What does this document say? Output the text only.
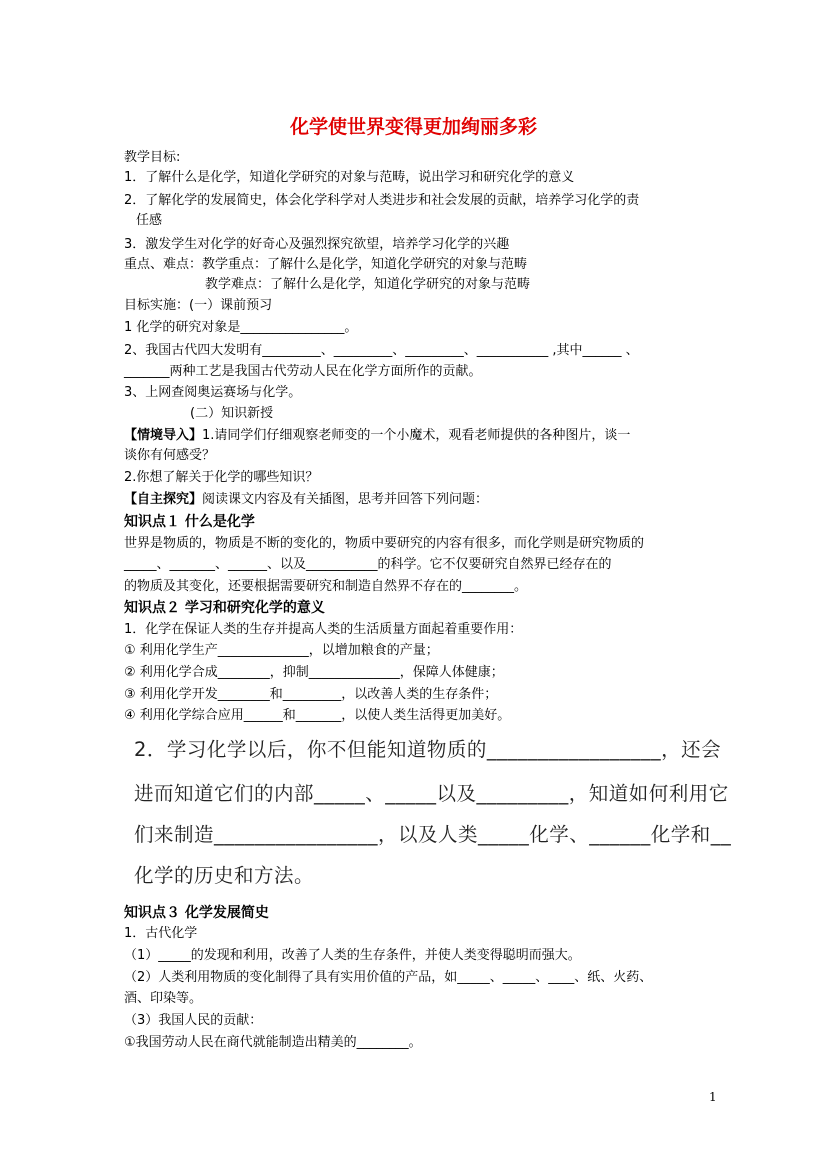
化学使世界变得更加绚丽多彩
教学目标:
1．了解什么是化学，知道化学研究的对象与范畴，说出学习和研究化学的意义
2．了解化学的发展简史，体会化学科学对人类进步和社会发展的贡献，培养学习化学的责
任感
3．激发学生对化学的好奇心及强烈探究欲望，培养学习化学的兴趣
重点、难点：教学重点：了解什么是化学，知道化学研究的对象与范畴
教学难点：了解什么是化学，知道化学研究的对象与范畴
目标实施：(一）课前预习
1 化学的研究对象是________________。
2、我国古代四大发明有_________、_________、_________、___________ ,其中______ 、
_______两种工艺是我国古代劳动人民在化学方面所作的贡献。
3、上网查阅奥运赛场与化学。
(二）知识新授
【情境导入】1.请同学们仔细观察老师变的一个小魔术，观看老师提供的各种图片，谈一
谈你有何感受？
2.你想了解关于化学的哪些知识？
【自主探究】阅读课文内容及有关插图，思考并回答下列问题：
知识点１ 什么是化学
世界是物质的，物质是不断的变化的，物质中要研究的内容有很多，而化学则是研究物质的
_____、_______、______、以及___________的科学。它不仅要研究自然界已经存在的
的物质及其变化，还要根据需要研究和制造自然界不存在的________。
知识点２ 学习和研究化学的意义
1．化学在保证人类的生存并提高人类的生活质量方面起着重要作用：
① 利用化学生产______________，以增加粮食的产量；
② 利用化学合成________，抑制______________，保障人体健康；
③ 利用化学开发________和_________，以改善人类的生存条件；
④ 利用化学综合应用______和_______，以使人类生活得更加美好。
2．学习化学以后，你不但能知道物质的_________________，还会
进而知道它们的内部_____、_____以及_________，知道如何利用它
们来制造________________，以及人类_____化学、______化学和__
化学的历史和方法。
知识点３ 化学发展简史
1．古代化学
（1）_____的发现和利用，改善了人类的生存条件，并使人类变得聪明而强大。
（2）人类利用物质的变化制得了具有实用价值的产品，如_____、_____、____、纸、火药、
酒、印染等。
（3）我国人民的贡献：
①我国劳动人民在商代就能制造出精美的________。
1
